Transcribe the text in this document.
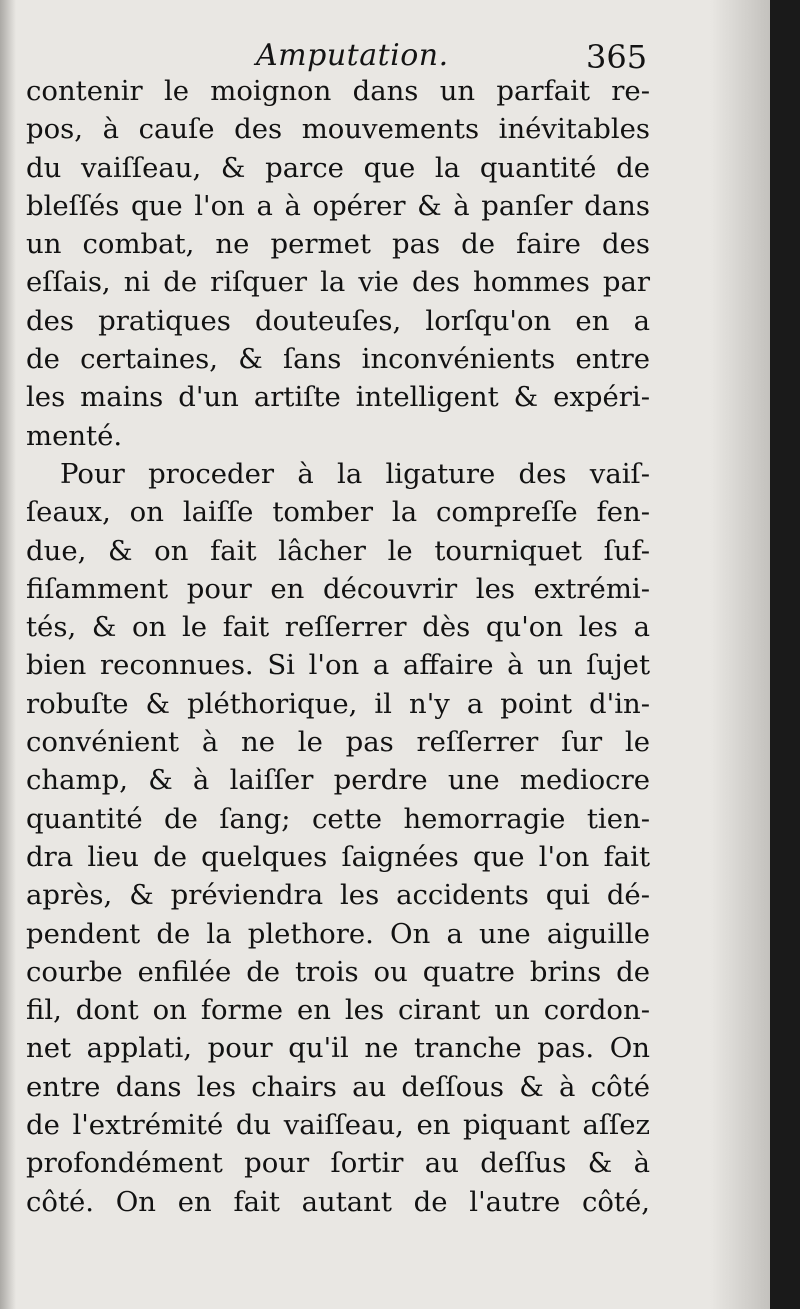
Amputation.	365
contenir le moignon dans un parfait re-
pos, à cauſe des mouvements inévitables
du vaiſſeau, & parce que la quantité de
bleſſés que l'on a à opérer & à panſer dans
un combat, ne permet pas de faire des
eſſais, ni de riſquer la vie des hommes par
des pratiques douteuſes, lorſqu'on en a
de certaines, & ſans inconvénients entre
les mains d'un artiſte intelligent & expéri-
menté.
Pour proceder à la ligature des vaiſ-
ſeaux, on laiſſe tomber la compreſſe fen-
due, & on fait lâcher le tourniquet ſuf-
fiſamment pour en découvrir les extrémi-
tés, & on le fait reſſerrer dès qu'on les a
bien reconnues. Si l'on a affaire à un ſujet
robuſte & pléthorique, il n'y a point d'in-
convénient à ne le pas reſſerrer ſur le
champ, & à laiſſer perdre une mediocre
quantité de ſang; cette hemorragie tien-
dra lieu de quelques ſaignées que l'on fait
après, & préviendra les accidents qui dé-
pendent de la plethore. On a une aiguille
courbe enfilée de trois ou quatre brins de
fil, dont on forme en les cirant un cordon-
net applati, pour qu'il ne tranche pas. On
entre dans les chairs au deſſous & à côté
de l'extrémité du vaiſſeau, en piquant aſſez
profondément pour ſortir au deſſus & à
côté. On en fait autant de l'autre côté,
